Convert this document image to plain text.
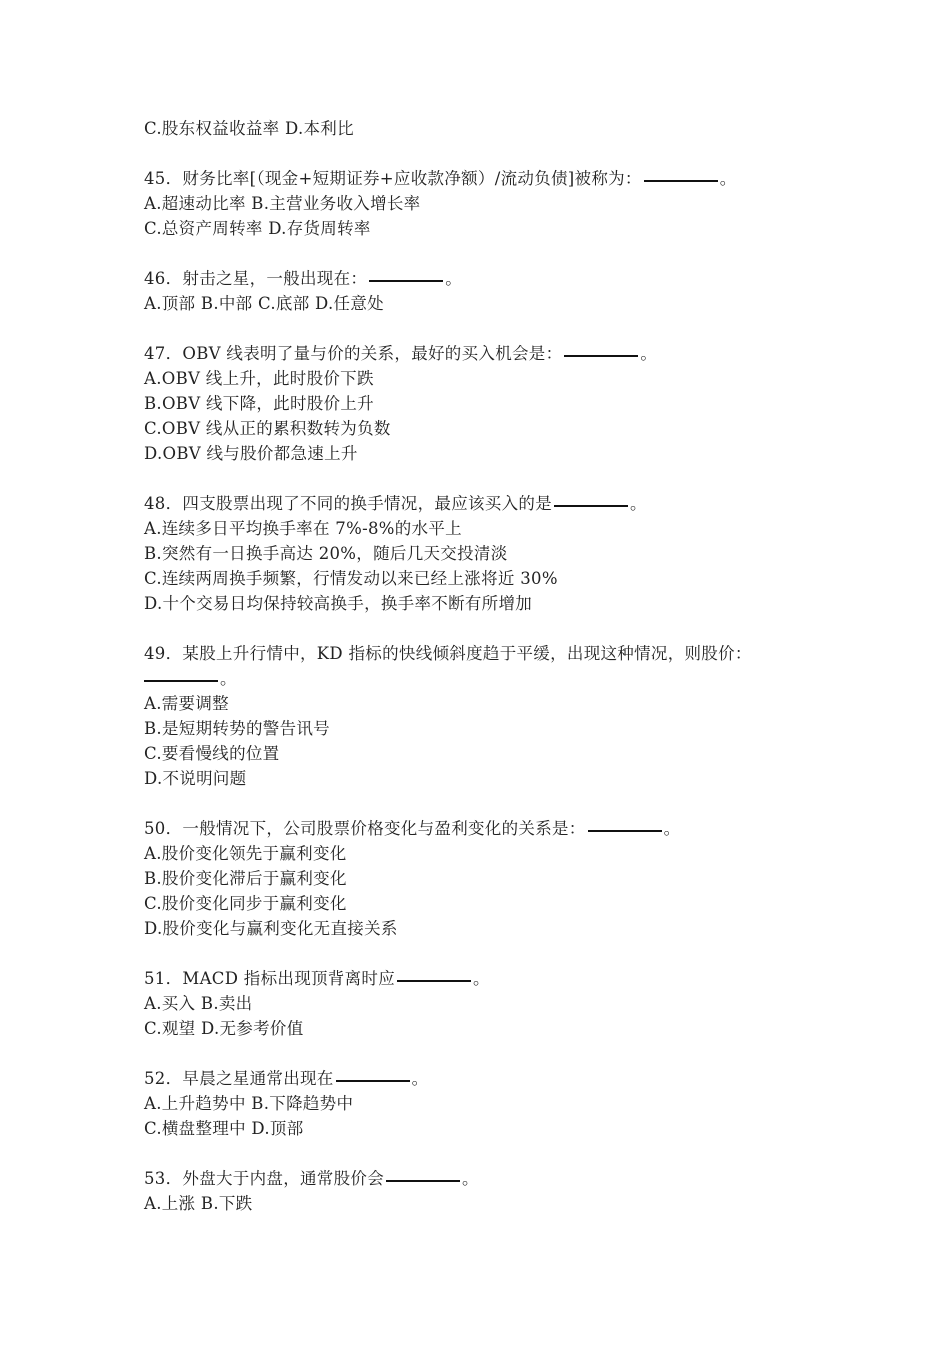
C.股东权益收益率 D.本利比
45．财务比率[（现金+短期证券+应收款净额）/流动负债]被称为：	。
A.超速动比率 B.主营业务收入增长率
C.总资产周转率 D.存货周转率
46．射击之星，一般出现在：	。
A.顶部 B.中部 C.底部 D.任意处
47．OBV 线表明了量与价的关系，最好的买入机会是：	。
A.OBV 线上升，此时股价下跌
B.OBV 线下降，此时股价上升
C.OBV 线从正的累积数转为负数
D.OBV 线与股价都急速上升
48．四支股票出现了不同的换手情况，最应该买入的是	。
A.连续多日平均换手率在 7%-8%的水平上
B.突然有一日换手高达 20%，随后几天交投清淡
C.连续两周换手频繁，行情发动以来已经上涨将近 30%
D.十个交易日均保持较高换手，换手率不断有所增加
49．某股上升行情中，KD 指标的快线倾斜度趋于平缓，出现这种情况，则股价：
。
A.需要调整
B.是短期转势的警告讯号
C.要看慢线的位置
D.不说明问题
50．一般情况下，公司股票价格变化与盈利变化的关系是：	。
A.股价变化领先于赢利变化
B.股价变化滞后于赢利变化
C.股价变化同步于赢利变化
D.股价变化与赢利变化无直接关系
51．MACD 指标出现顶背离时应	。
A.买入 B.卖出
C.观望 D.无参考价值
52．早晨之星通常出现在	。
A.上升趋势中 B.下降趋势中
C.横盘整理中 D.顶部
53．外盘大于内盘，通常股价会	。
A.上涨 B.下跌
